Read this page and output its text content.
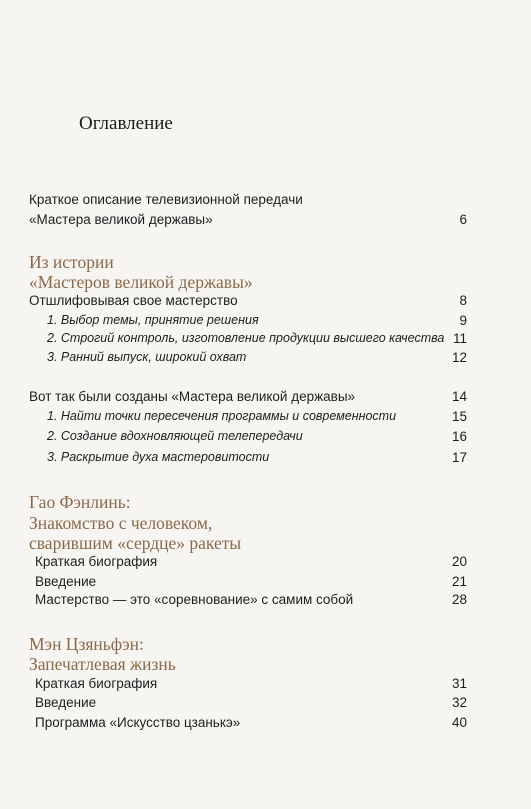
Оглавление
Краткое описание телевизионной передачи
«Мастера великой державы»	6
Из истории
«Мастеров великой державы»
Отшлифовывая свое мастерство	8
1. Выбор темы, принятие решения	9
2. Строгий контроль, изготовление продукции высшего качества 11
3. Ранний выпуск, широкий охват	12
Вот так были созданы «Мастера великой державы»	14
1. Найти точки пересечения программы и современности	15
2. Создание вдохновляющей телепередачи	16
3. Раскрытие духа мастеровитости	17
Гао Фэнлинь:
Знакомство с человеком,
сварившим «сердце» ракеты
Краткая биография	20
Введение	21
Мастерство — это «соревнование» с самим собой	28
Мэн Цзяньфэн:
Запечатлевая жизнь
Краткая биография	31
Введение	32
Программа «Искусство цзанькэ»	40
